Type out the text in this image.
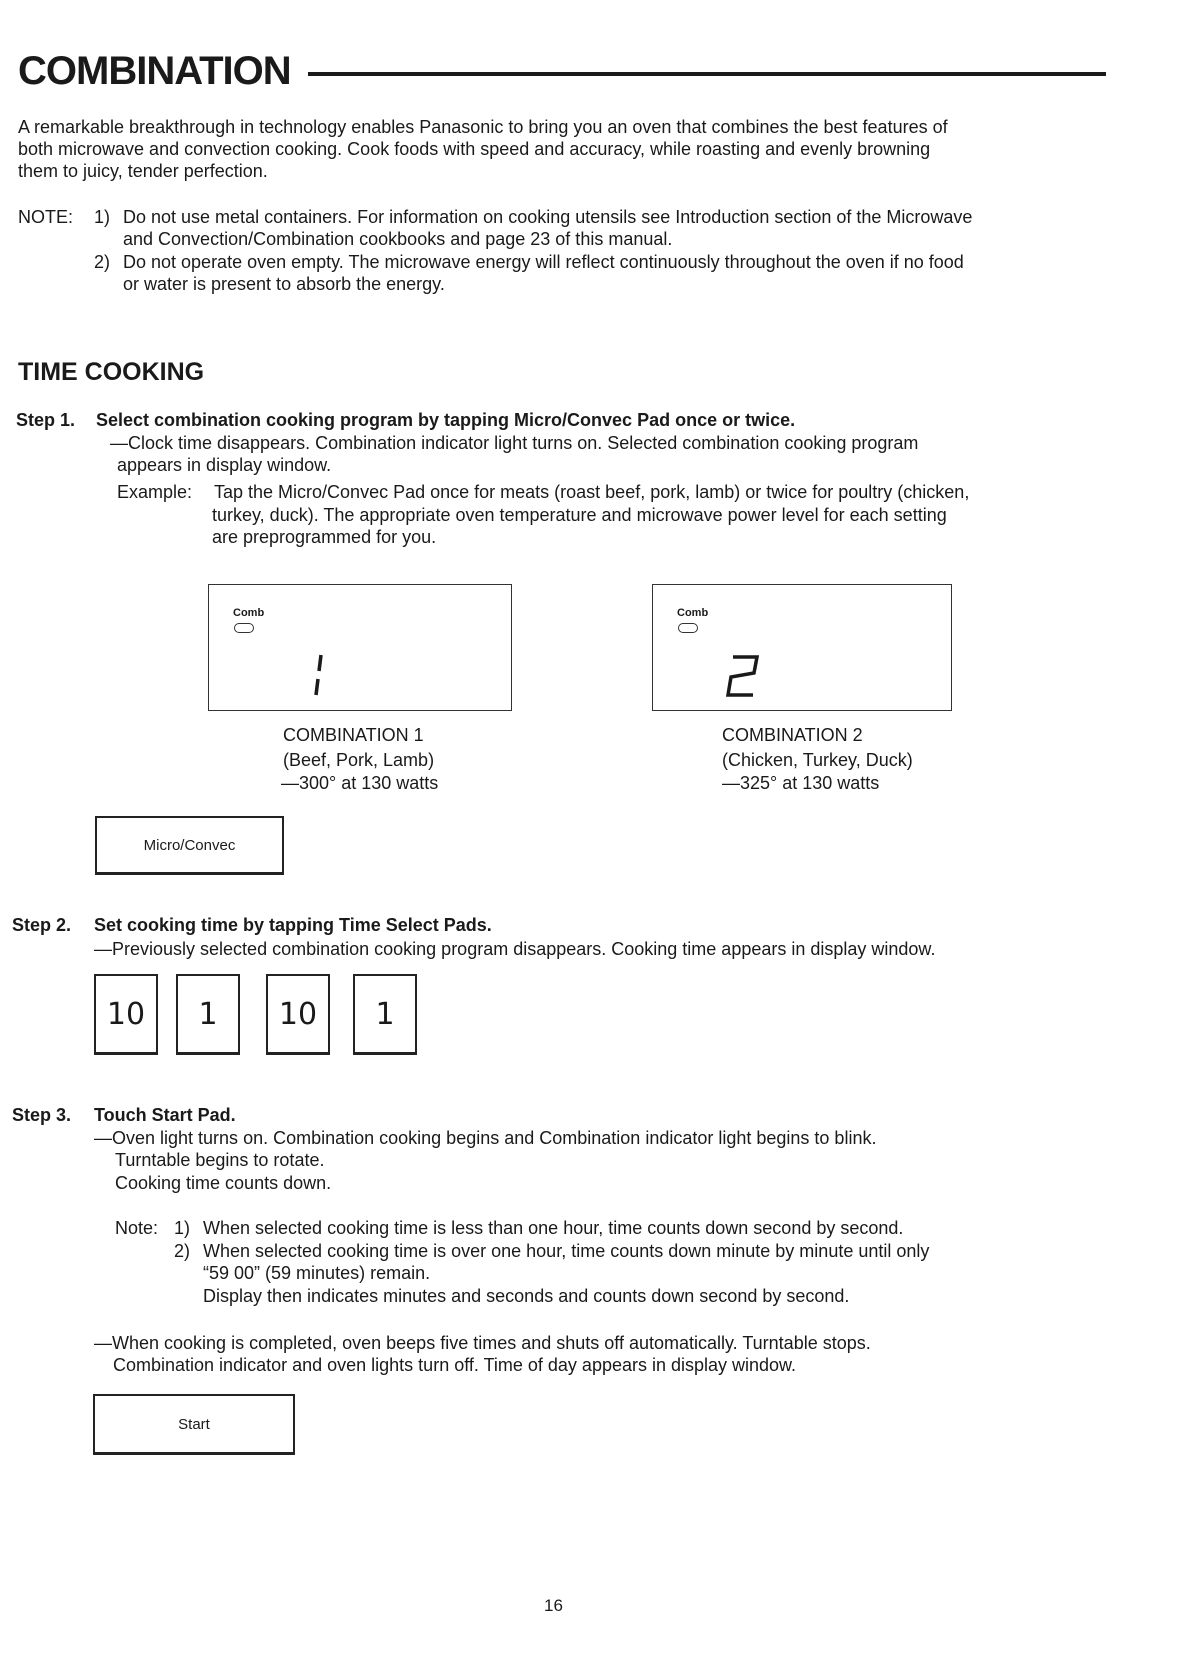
COMBINATION
A remarkable breakthrough in technology enables Panasonic to bring you an oven that combines the best features of
both microwave and convection cooking. Cook foods with speed and accuracy, while roasting and evenly browning
them to juicy, tender perfection.
NOTE: 1) Do not use metal containers. For information on cooking utensils see Introduction section of the Microwave
and Convection/Combination cookbooks and page 23 of this manual.
2) Do not operate oven empty. The microwave energy will reflect continuously throughout the oven if no food
or water is present to absorb the energy.
TIME COOKING
Step 1. Select combination cooking program by tapping Micro/Convec Pad once or twice.
—Clock time disappears. Combination indicator light turns on. Selected combination cooking program
appears in display window.
Example: Tap the Micro/Convec Pad once for meats (roast beef, pork, lamb) or twice for poultry (chicken,
turkey, duck). The appropriate oven temperature and microwave power level for each setting
are preprogrammed for you.
Comb
COMBINATION 1
(Beef, Pork, Lamb)
—300° at 130 watts
Comb
COMBINATION 2
(Chicken, Turkey, Duck)
—325° at 130 watts
Micro/Convec
Step 2. Set cooking time by tapping Time Select Pads.
—Previously selected combination cooking program disappears. Cooking time appears in display window.
10	1	10	1
Step 3. Touch Start Pad.
—Oven light turns on. Combination cooking begins and Combination indicator light begins to blink.
Turntable begins to rotate.
Cooking time counts down.
Note: 1) When selected cooking time is less than one hour, time counts down second by second.
2) When selected cooking time is over one hour, time counts down minute by minute until only
“59 00” (59 minutes) remain.
Display then indicates minutes and seconds and counts down second by second.
—When cooking is completed, oven beeps five times and shuts off automatically. Turntable stops.
Combination indicator and oven lights turn off. Time of day appears in display window.
Start
16
